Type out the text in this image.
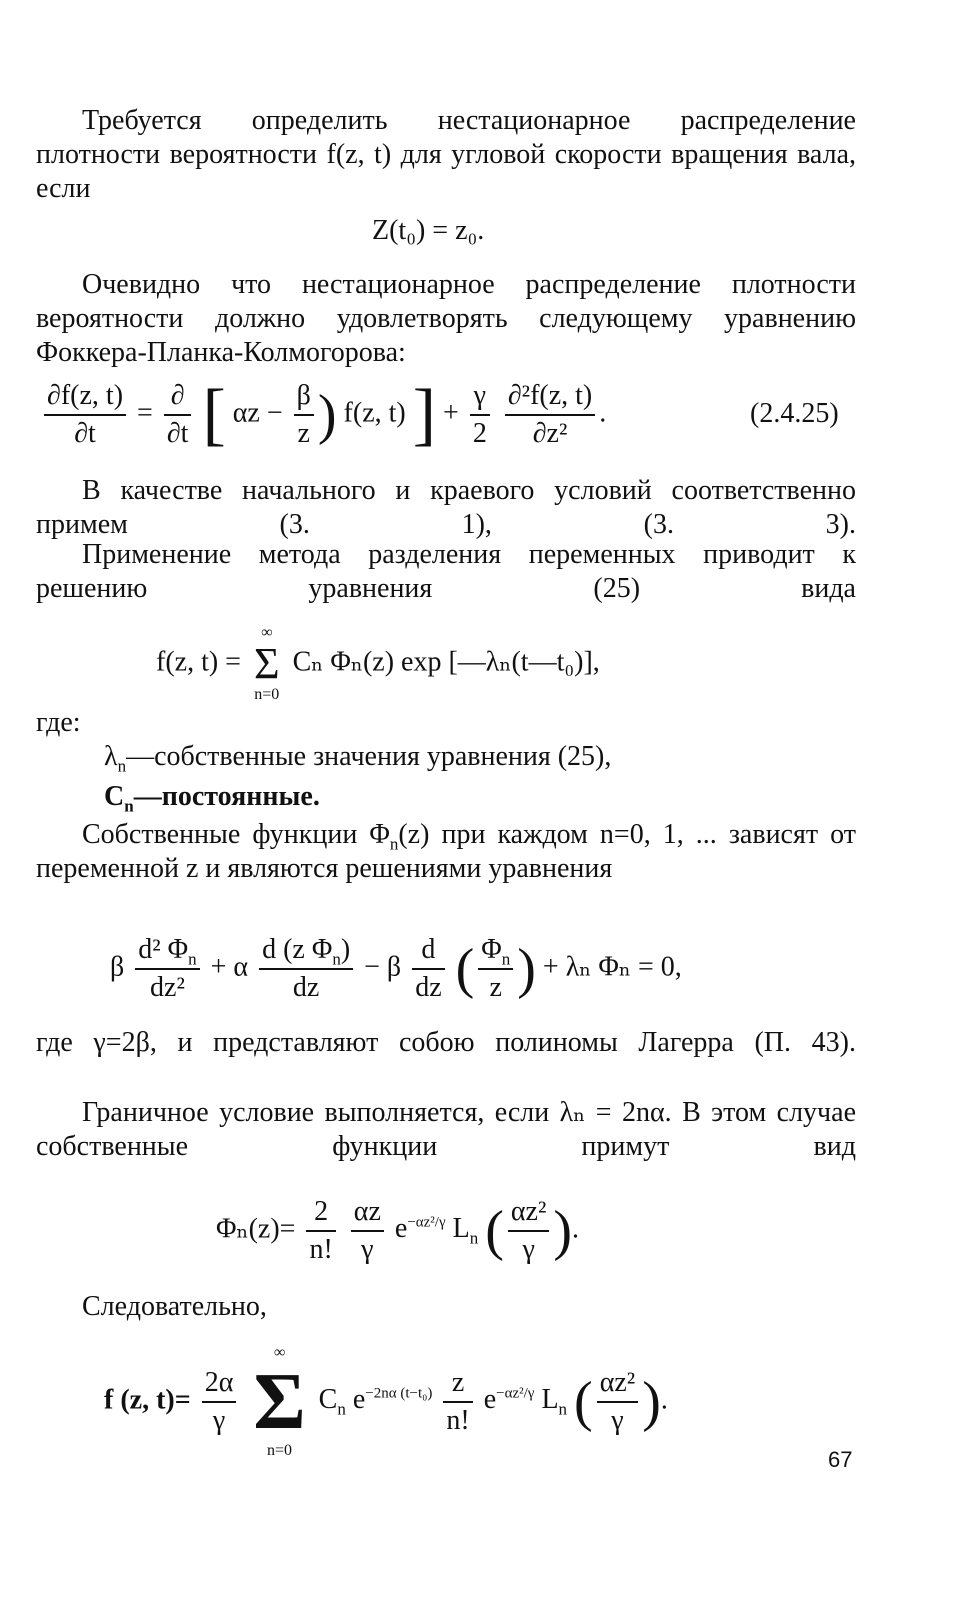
Требуется определить нестационарное распределение плотности вероятности f(z, t) для угловой скорости вращения вала, если

Z(t₀) = z₀.

Очевидно что нестационарное распределение плотности вероятности должно удовлетворять следующему уравнению Фоккера-Планка-Колмогорова:

$\frac{\partial f(z, t)}{\partial t} = \frac{\partial}{\partial t}$ [ $\alpha z - \frac{\beta}{z}$ ) f(z, t) ] + $\frac{\gamma}{2}$
$\frac{\text{∂²f(z, t)}}{\text{∂z²}}$ .	(2.4.25)

В качестве начального и краевого условий соответственно примем (3. 1), (3. 3).

Применение метода разделения переменных приводит к решению уравнения (25) вида

f(z, t) =
∞
Σ
n=0
Cₙ Φₙ(z) exp [—λₙ(t—t₀)],
где:
$\lambda_n—собственные$ значения уравнения (25),
$C_n—постоянные$.

Собственные функции $\Phi_n(z)$ при каждом n=0, 1, ... зависят от переменной z и являются решениями уравнения

β $\frac{d^2 \Phi_n}{\text{dz²}} + \alpha \frac{d (z \Phi_n)}{dz} - \beta \frac{d}{dz}$ ( $\frac{\Phi_n}{z}$ ) + λₙ Φₙ = 0,

где γ=2β, и представляют собою полиномы Лагерра (П. 43).

Граничное условие выполняется, если λₙ = 2nα. В этом случае собственные функции примут вид

$\Phi_n(z)= \frac{2}{n!}$
$\frac{\alpha z}{\gamma} e^{-\alpha z^2/\gamma}$ $L_n$ ( $\frac{\text{αz²}}{\gamma}$ ).
Следовательно,
f (z, $t)= \frac{2\alpha}{\gamma}$

∞
Σ
n=0
$C_n$ $e^{-2n\alpha (t-t_0)} \frac{z}{n!} e^{-\alpha z^2/\gamma}$ $L_n$ ( $\frac{\text{αz²}}{\gamma}$ ).
67
